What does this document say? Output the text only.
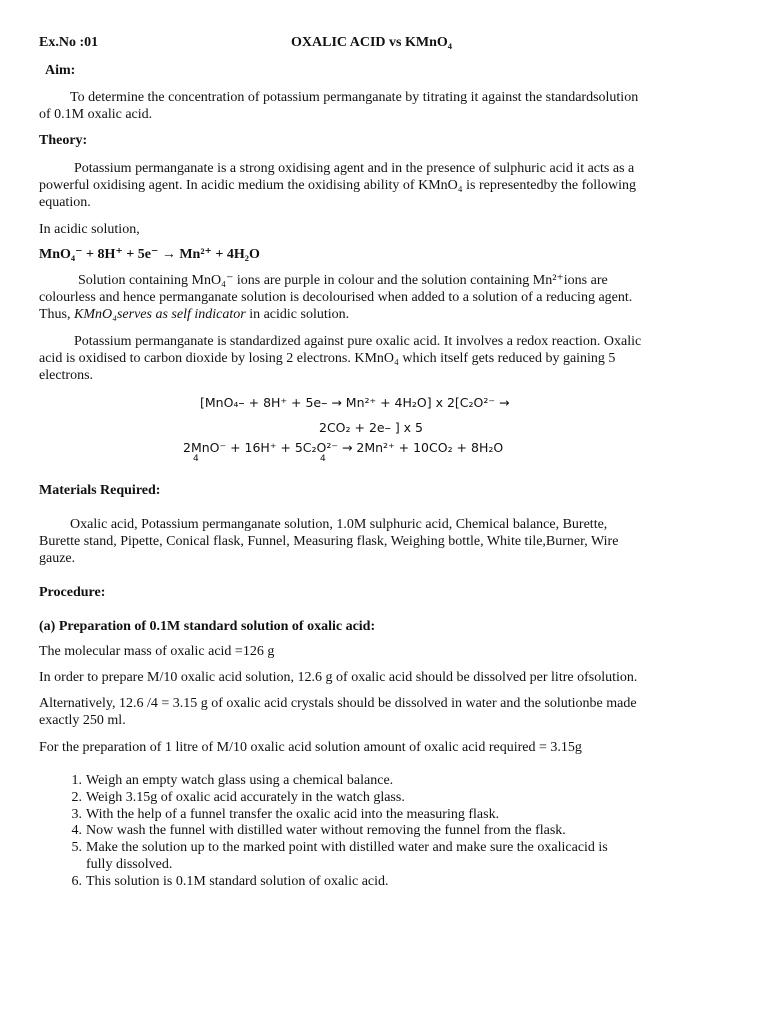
Ex.No :01	OXALIC ACID vs KMnO₄
Aim:
To determine the concentration of potassium permanganate by titrating it against the standardsolution
of 0.1M oxalic acid.
Theory:
Potassium permanganate is a strong oxidising agent and in the presence of sulphuric acid it acts as a
powerful oxidising agent. In acidic medium the oxidising ability of KMnO₄ is representedby the following
equation.
In acidic solution,
MnO₄⁻ + 8H⁺ + 5e⁻ → Mn²⁺ + 4H₂O
Solution containing MnO₄⁻ ions are purple in colour and the solution containing Mn²⁺ions are
colourless and hence permanganate solution is decolourised when added to a solution of a reducing agent.
Thus, KMnO₄serves as self indicator in acidic solution.
Potassium permanganate is standardized against pure oxalic acid. It involves a redox reaction. Oxalic
acid is oxidised to carbon dioxide by losing 2 electrons. KMnO₄ which itself gets reduced by gaining 5
electrons.
[MnO₄– + 8H⁺ + 5e– → Mn²⁺ + 4H₂O] x 2[C₂O²⁻ →
2CO₂ + 2e– ] x 5
2MnO⁻ + 16H⁺ + 5C₂O²⁻ → 2Mn²⁺ + 10CO₂ + 8H₂O
4	4
Materials Required:
Oxalic acid, Potassium permanganate solution, 1.0M sulphuric acid, Chemical balance, Burette,
Burette stand, Pipette, Conical flask, Funnel, Measuring flask, Weighing bottle, White tile,Burner, Wire
gauze.
Procedure:
(a) Preparation of 0.1M standard solution of oxalic acid:
The molecular mass of oxalic acid =126 g
In order to prepare M/10 oxalic acid solution, 12.6 g of oxalic acid should be dissolved per litre ofsolution.
Alternatively, 12.6 /4 = 3.15 g of oxalic acid crystals should be dissolved in water and the solutionbe made
exactly 250 ml.
For the preparation of 1 litre of M/10 oxalic acid solution amount of oxalic acid required = 3.15g
1. Weigh an empty watch glass using a chemical balance.
2. Weigh 3.15g of oxalic acid accurately in the watch glass.
3. With the help of a funnel transfer the oxalic acid into the measuring flask.
4. Now wash the funnel with distilled water without removing the funnel from the flask.
5. Make the solution up to the marked point with distilled water and make sure the oxalicacid is
fully dissolved.
6. This solution is 0.1M standard solution of oxalic acid.
